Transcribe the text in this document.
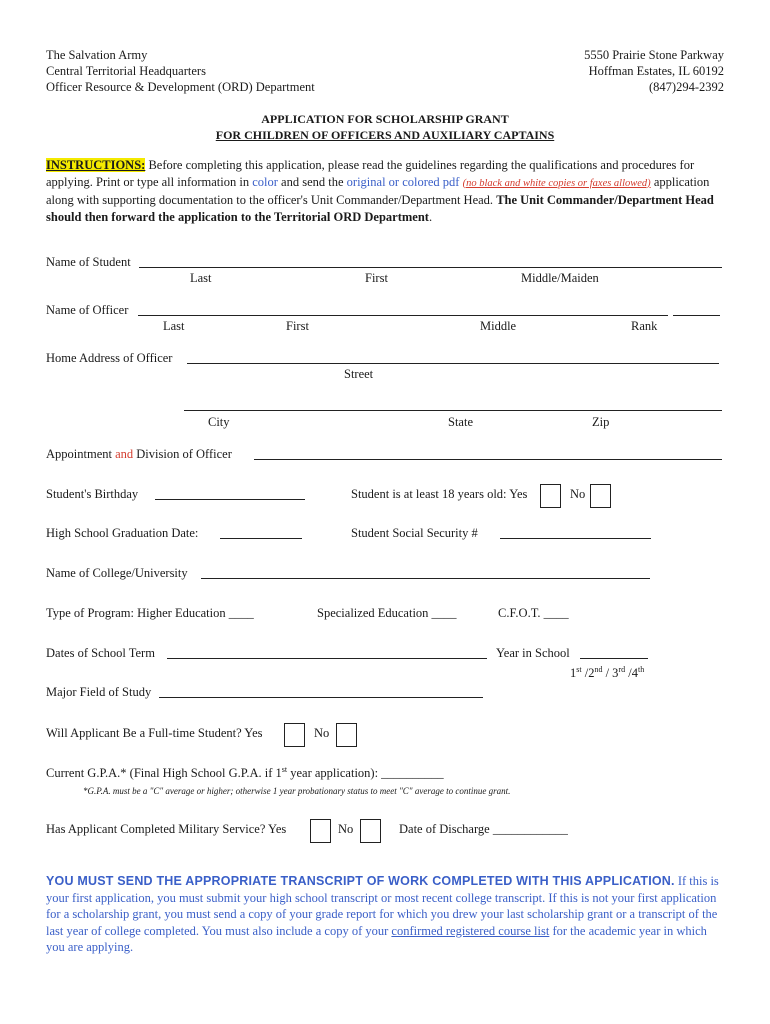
The Salvation Army
Central Territorial Headquarters
Officer Resource & Development (ORD) Department
5550 Prairie Stone Parkway
Hoffman Estates, IL 60192
(847)294-2392
APPLICATION FOR SCHOLARSHIP GRANT
FOR CHILDREN OF OFFICERS AND AUXILIARY CAPTAINS
INSTRUCTIONS: Before completing this application, please read the guidelines regarding the qualifications and procedures for applying. Print or type all information in color and send the original or colored pdf (no black and white copies or faxes allowed) application along with supporting documentation to the officer's Unit Commander/Department Head. The Unit Commander/Department Head should then forward the application to the Territorial ORD Department.
Name of Student
Last	First	Middle/Maiden
Name of Officer
Last	First	Middle	Rank
Home Address of Officer
Street
City	State	Zip
Appointment and Division of Officer
Student's Birthday	Student is at least 18 years old: Yes	No
High School Graduation Date:	Student Social Security #
Name of College/University
Type of Program: Higher Education ____	Specialized Education ____	C.F.O.T. ____
Dates of School Term	Year in School
1st /2nd / 3rd /4th
Major Field of Study
Will Applicant Be a Full-time Student? Yes	No
Current G.P.A.* (Final High School G.P.A. if 1st year application): __________
*G.P.A. must be a "C" average or higher; otherwise 1 year probationary status to meet "C" average to continue grant.
Has Applicant Completed Military Service? Yes	No	Date of Discharge ____________
YOU MUST SEND THE APPROPRIATE TRANSCRIPT OF WORK COMPLETED WITH THIS APPLICATION. If this is your first application, you must submit your high school transcript or most recent college transcript. If this is not your first application for a scholarship grant, you must send a copy of your grade report for which you drew your last scholarship grant or a transcript of the last year of college completed. You must also include a copy of your confirmed registered course list for the academic year in which you are applying.
